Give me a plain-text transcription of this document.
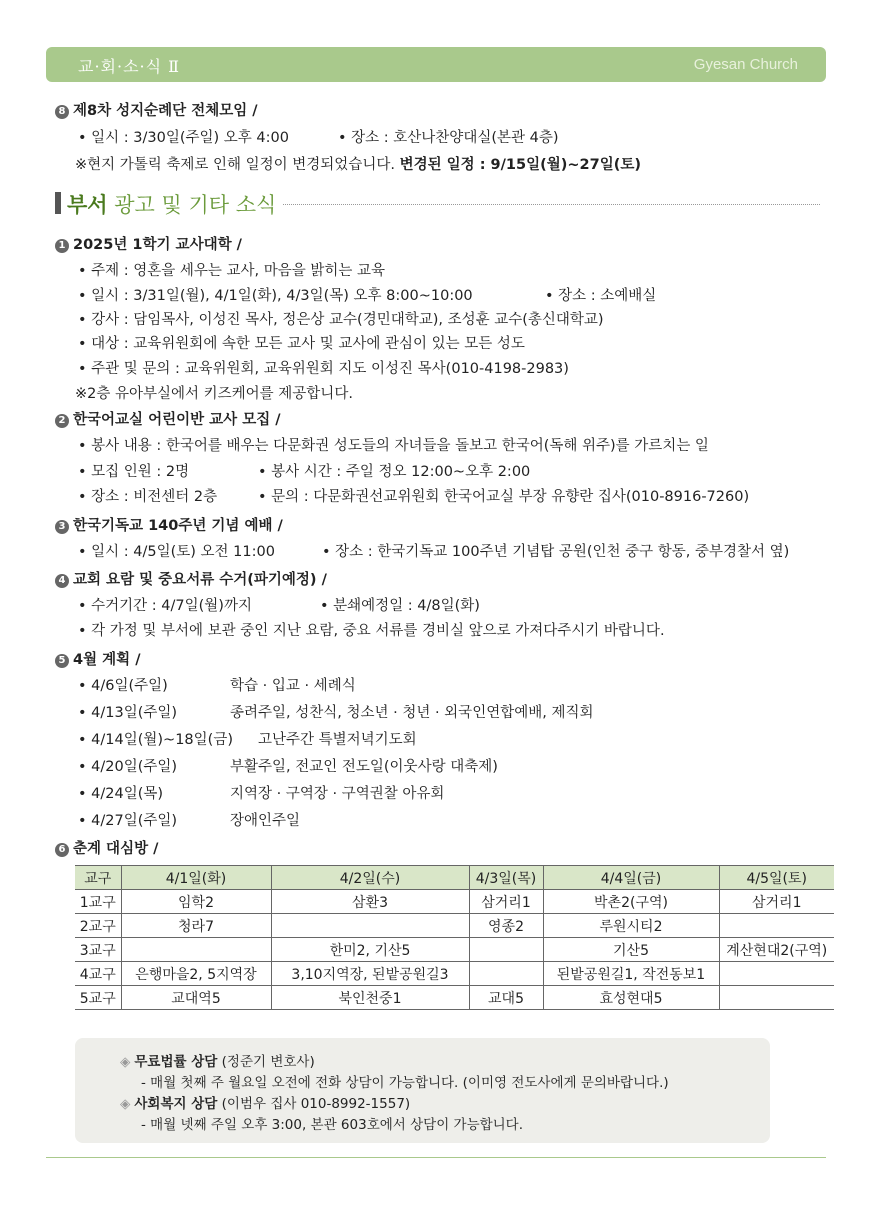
교·회·소·식 Ⅱ	Gyesan Church
8 제8차 성지순례단 전체모임 /
• 일시 : 3/30일(주일) 오후 4:00	• 장소 : 호산나찬양대실(본관 4층)
※현지 가톨릭 축제로 인해 일정이 변경되었습니다. 변경된 일정 : 9/15일(월)~27일(토)
부서 광고 및 기타 소식
1 2025년 1학기 교사대학 /
• 주제 : 영혼을 세우는 교사, 마음을 밝히는 교육
• 일시 : 3/31일(월), 4/1일(화), 4/3일(목) 오후 8:00~10:00	• 장소 : 소예배실
• 강사 : 담임목사, 이성진 목사, 정은상 교수(경민대학교), 조성훈 교수(총신대학교)
• 대상 : 교육위원회에 속한 모든 교사 및 교사에 관심이 있는 모든 성도
• 주관 및 문의 : 교육위원회, 교육위원회 지도 이성진 목사(010-4198-2983)
※2층 유아부실에서 키즈케어를 제공합니다.
2 한국어교실 어린이반 교사 모집 /
• 봉사 내용 : 한국어를 배우는 다문화권 성도들의 자녀들을 돌보고 한국어(독해 위주)를 가르치는 일
• 모집 인원 : 2명	• 봉사 시간 : 주일 정오 12:00~오후 2:00
• 장소 : 비전센터 2층	• 문의 : 다문화권선교위원회 한국어교실 부장 유향란 집사(010-8916-7260)
3 한국기독교 140주년 기념 예배 /
• 일시 : 4/5일(토) 오전 11:00	• 장소 : 한국기독교 100주년 기념탑 공원(인천 중구 항동, 중부경찰서 옆)
4 교회 요람 및 중요서류 수거(파기예정) /
• 수거기간 : 4/7일(월)까지	• 분쇄예정일 : 4/8일(화)
• 각 가정 및 부서에 보관 중인 지난 요람, 중요 서류를 경비실 앞으로 가져다주시기 바랍니다.
5 4월 계획 /
• 4/6일(주일)	학습 · 입교 · 세례식
• 4/13일(주일)	종려주일, 성찬식, 청소년 · 청년 · 외국인연합예배, 제직회
• 4/14일(월)~18일(금) 고난주간 특별저녁기도회
• 4/20일(주일)	부활주일, 전교인 전도일(이웃사랑 대축제)
• 4/24일(목)	지역장 · 구역장 · 구역권찰 아유회
• 4/27일(주일)	장애인주일
6 춘계 대심방 /
교구	4/1일(화)	4/2일(수)	4/3일(목)	4/4일(금)	4/5일(토)
1교구	임학2	삼환3	삼거리1	박촌2(구역)	삼거리1
2교구	청라7		영종2	루원시티2	
3교구		한미2, 기산5		기산5	계산현대2(구역)
4교구	은행마을2, 5지역장	3,10지역장, 된밭공원길3		된밭공원길1, 작전동보1	
5교구	교대역5	북인천중1	교대5	효성현대5	
◈ 무료법률 상담 (정준기 변호사)
- 매월 첫째 주 월요일 오전에 전화 상담이 가능합니다. (이미영 전도사에게 문의바랍니다.)
◈ 사회복지 상담 (이범우 집사 010-8992-1557)
- 매월 넷째 주일 오후 3:00, 본관 603호에서 상담이 가능합니다.
